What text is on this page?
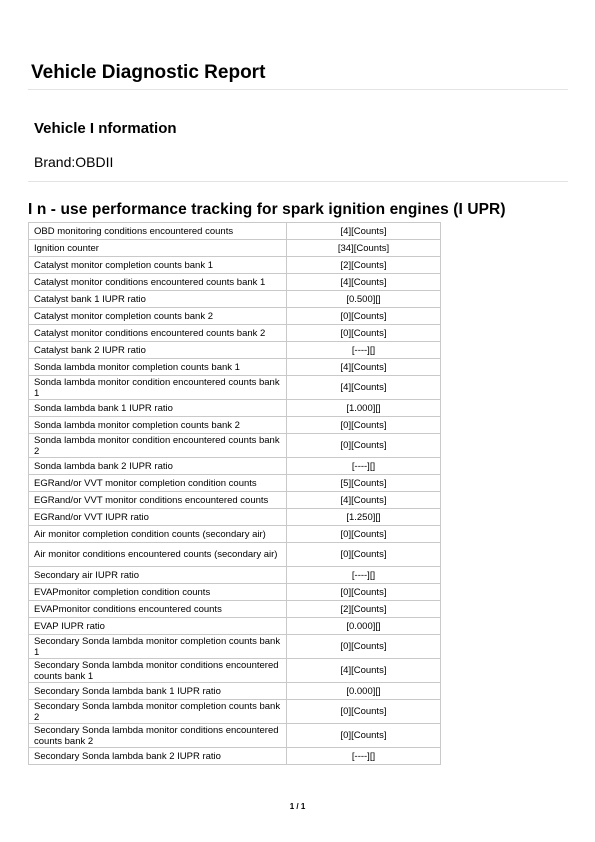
Vehicle Diagnostic Report
Vehicle I nformation

Brand:OBDII

I n - use performance tracking for spark ignition engines (I UPR)
OBD monitoring conditions encountered counts	[4][Counts]
Ignition counter	[34][Counts]
Catalyst monitor completion counts bank 1	[2][Counts]
Catalyst monitor conditions encountered counts bank 1	[4][Counts]
Catalyst bank 1 IUPR ratio	[0.500][]
Catalyst monitor completion counts bank 2	[0][Counts]
Catalyst monitor conditions encountered counts bank 2	[0][Counts]
Catalyst bank 2 IUPR ratio	[----][]
Sonda lambda monitor completion counts bank 1	[4][Counts]
Sonda lambda monitor condition encountered counts bank 1	[4][Counts]
Sonda lambda bank 1 IUPR ratio	[1.000][]
Sonda lambda monitor completion counts bank 2	[0][Counts]
Sonda lambda monitor condition encountered counts bank 2	[0][Counts]
Sonda lambda bank 2 IUPR ratio	[----][]
EGRand/or VVT monitor completion condition counts	[5][Counts]
EGRand/or VVT monitor conditions encountered counts	[4][Counts]
EGRand/or VVT IUPR ratio	[1.250][]
Air monitor completion condition counts (secondary air)	[0][Counts]
Air monitor conditions encountered counts (secondary air)	[0][Counts]
Secondary air IUPR ratio	[----][]
EVAPmonitor completion condition counts	[0][Counts]
EVAPmonitor conditions encountered counts	[2][Counts]
EVAP IUPR ratio	[0.000][]
Secondary Sonda lambda monitor completion counts bank 1	[0][Counts]
Secondary Sonda lambda monitor conditions encountered counts bank 1	[4][Counts]
Secondary Sonda lambda bank 1 IUPR ratio	[0.000][]
Secondary Sonda lambda monitor completion counts bank 2	[0][Counts]
Secondary Sonda lambda monitor conditions encountered counts bank 2	[0][Counts]
Secondary Sonda lambda bank 2 IUPR ratio	[----][]
1 / 1
